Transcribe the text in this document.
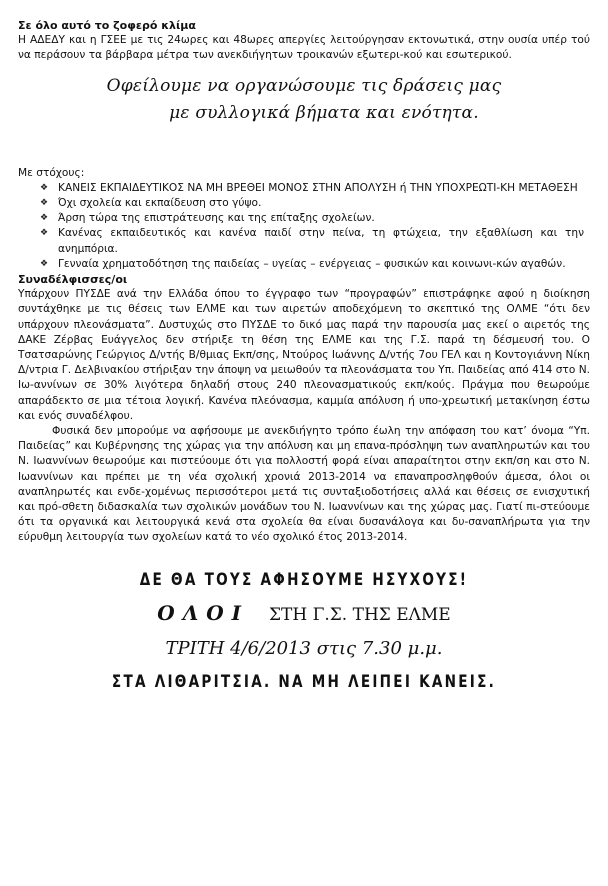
Σε όλο αυτό το ζοφερό κλίμα

Η ΑΔΕΔΥ και η ΓΣΕΕ με τις 24ωρες και 48ωρες απεργίες λειτούργησαν εκτονωτικά, στην ουσία υπέρ τού να περάσουν τα βάρβαρα μέτρα των ανεκδιήγητων τροικανών εξωτερι-κού και εσωτερικού.

Οφείλουμε να οργανώσουμε τις δράσεις μας

με συλλογικά βήματα και ενότητα.

Με στόχους:

❖ ΚΑΝΕΙΣ ΕΚΠΑΙΔΕΥΤΙΚΟΣ ΝΑ ΜΗ ΒΡΕΘΕΙ ΜΟΝΟΣ ΣΤΗΝ ΑΠΟΛΥΣΗ ή ΤΗΝ ΥΠΟΧΡΕΩΤΙ-ΚΗ ΜΕΤΑΘΕΣΗ
❖ Όχι σχολεία και εκπαίδευση στο γύψο.
❖ Άρση τώρα της επιστράτευσης και της επίταξης σχολείων.
❖ Κανένας εκπαιδευτικός και κανένα παιδί στην πείνα, τη φτώχεια, την εξαθλίωση και την ανημπόρια.
❖ Γενναία χρηματοδότηση της παιδείας – υγείας – ενέργειας – φυσικών και κοινωνι-κών αγαθών.

Συναδέλφισσες/οι

Υπάρχουν ΠΥΣΔΕ ανά την Ελλάδα όπου το έγγραφο των “προγραφών” επιστράφηκε αφού η διοίκηση συντάχθηκε με τις θέσεις των ΕΛΜΕ και των αιρετών αποδεχόμενη το σκεπτικό της ΟΛΜΕ “ότι δεν υπάρχουν πλεονάσματα”. Δυστυχώς στο ΠΥΣΔΕ το δικό μας παρά την παρουσία μας εκεί ο αιρετός της ΔΑΚΕ Ζέρβας Ευάγγελος δεν στήριξε τη θέση της ΕΛΜΕ και της Γ.Σ. παρά τη δέσμευσή του. Ο Τσατσαρώνης Γεώργιος Δ/ντής Β/θμιας Εκπ/σης, Ντούρος Ιωάννης Δ/ντής 7ου ΓΕΛ και η Κοντογιάννη Νίκη Δ/ντρια Γ. Δελβινακίου στήριξαν την άποψη να μειωθούν τα πλεονάσματα του Υπ. Παιδείας από 414 στο Ν. Ιω-αννίνων σε 30% λιγότερα δηλαδή στους 240 πλεονασματικούς εκπ/κούς. Πράγμα που θεωρούμε απαράδεκτο σε μια τέτοια λογική. Κανένα πλεόνασμα, καμμία απόλυση ή υπο-χρεωτική μετακίνηση έστω και ενός συναδέλφου.

Φυσικά δεν μπορούμε να αφήσουμε με ανεκδιήγητο τρόπο έωλη την απόφαση του κατ’ όνομα “Υπ. Παιδείας” και Κυβέρνησης της χώρας για την απόλυση και μη επανα-πρόσληψη των αναπληρωτών και του Ν. Ιωαννίνων θεωρούμε και πιστεύουμε ότι για πολλοστή φορά είναι απαραίτητοι στην εκπ/ση και στο Ν. Ιωαννίνων και πρέπει με τη νέα σχολική χρονιά 2013-2014 να επαναπροσληφθούν άμεσα, όλοι οι αναπληρωτές και ενδε-χομένως περισσότεροι μετά τις συνταξιοδοτήσεις αλλά και θέσεις σε ενισχυτική και πρό-σθετη διδασκαλία των σχολικών μονάδων του Ν. Ιωαννίνων και της χώρας μας. Γιατί πι-στεύουμε ότι τα οργανικά και λειτουργικά κενά στα σχολεία θα είναι δυσανάλογα και δυ-σαναπλήρωτα για την εύρυθμη λειτουργία των σχολείων κατά το νέο σχολικό έτος 2013-2014.

ΔΕ ΘΑ ΤΟΥΣ ΑΦΗΣΟΥΜΕ ΗΣΥΧΟΥΣ!
ΟΛΟΙ ΣΤΗ Γ.Σ. ΤΗΣ ΕΛΜΕ
ΤΡΙΤΗ 4/6/2013 στις 7.30 μ.μ.
ΣΤΑ ΛΙΘΑΡΙΤΣΙΑ. ΝΑ ΜΗ ΛΕΙΠΕΙ ΚΑΝΕΙΣ.
